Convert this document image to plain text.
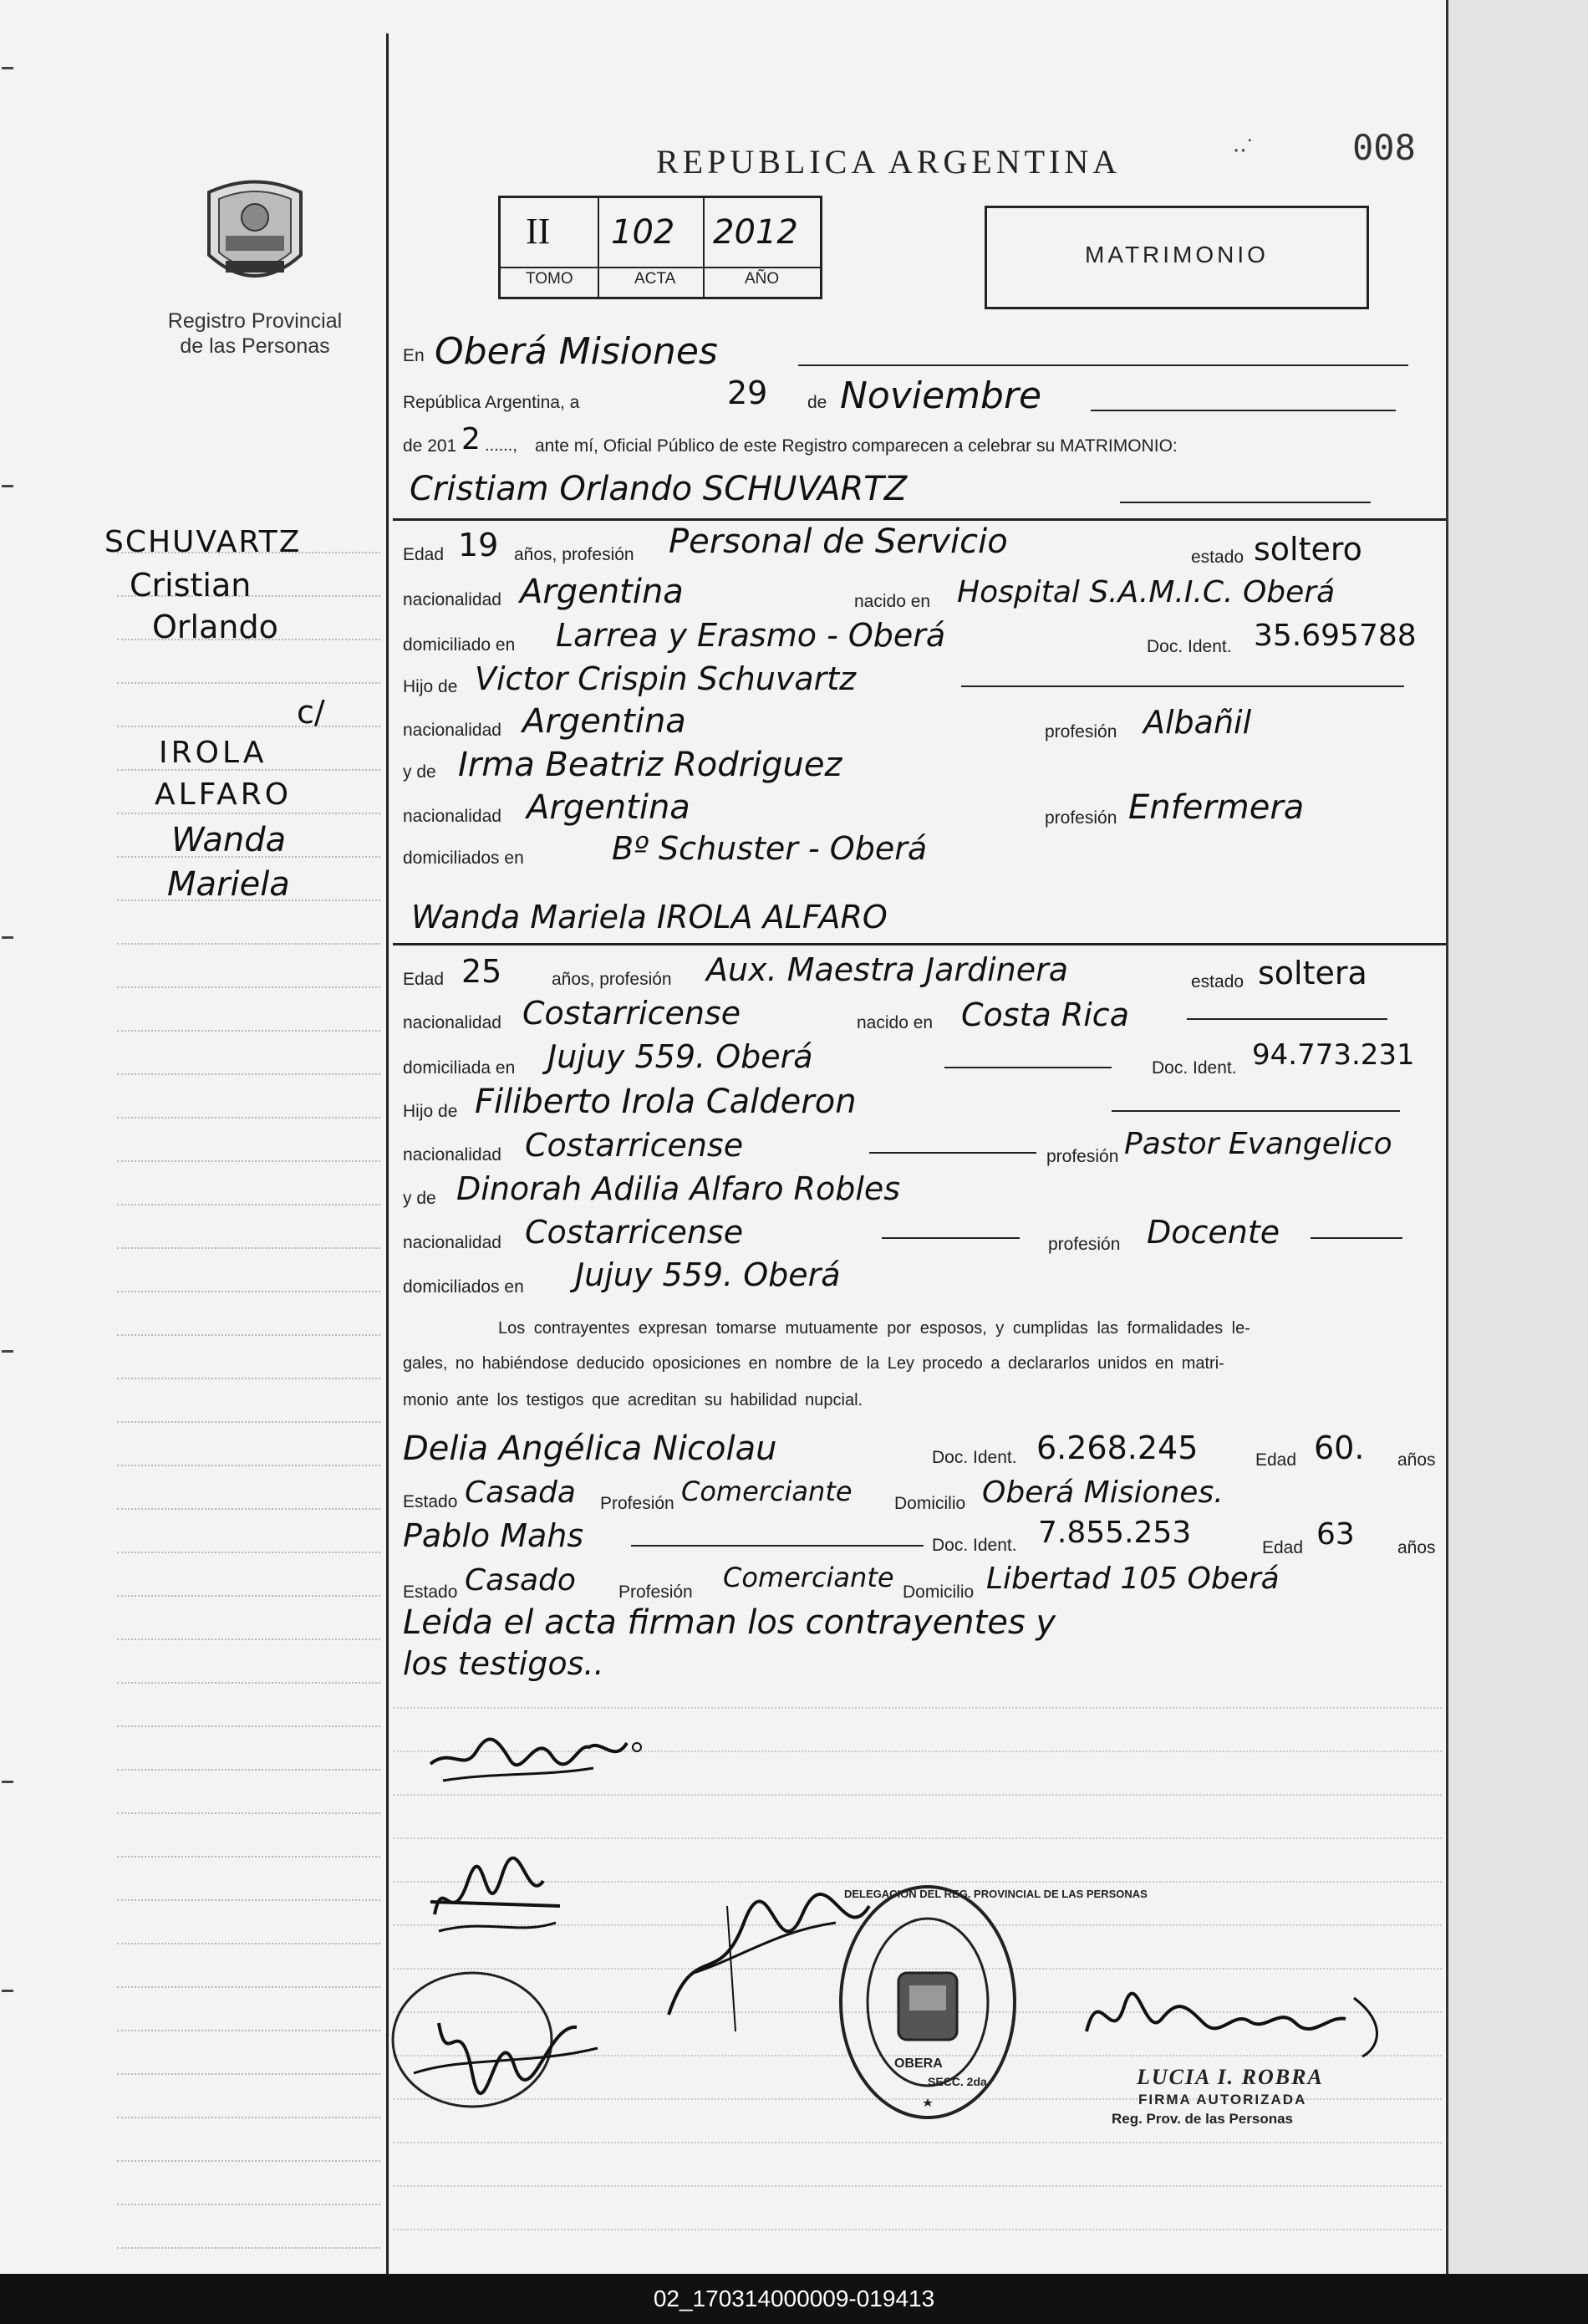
REPUBLICA ARGENTINA	∙∙˙	008
II 102 2012
TOMO	ACTA	AÑO
MATRIMONIO
Registro Provincial
de las Personas
SCHUVARTZ
Cristian
Orlando
c/
IROLA
ALFARO
Wanda
Mariela
En Oberá Misiones
República Argentina, a	29 de Noviembre
de 201 2 ......, ante mí, Oficial Público de este Registro comparecen a celebrar su MATRIMONIO:
Cristiam Orlando SCHUVARTZ
Edad 19 años, profesión Personal de Servicio	estado soltero
nacionalidad Argentina	nacido en Hospital S.A.M.I.C. Oberá
domiciliado en Larrea y Erasmo - Oberá	Doc. Ident. 35.695788
Hijo de Victor Crispin Schuvartz
nacionalidad Argentina	profesión Albañil
y de Irma Beatriz Rodriguez
nacionalidad Argentina	profesión Enfermera
domiciliados en	Bº Schuster - Oberá
Wanda Mariela IROLA ALFARO
Edad 25	años, profesión Aux. Maestra Jardinera	estado soltera
nacionalidad Costarricense	nacido en Costa Rica
domiciliada en Jujuy 559. Oberá	Doc. Ident. 94.773.231
Hijo de Filiberto Irola Calderon
nacionalidad Costarricense	profesión Pastor Evangelico
y de Dinorah Adilia Alfaro Robles
nacionalidad Costarricense	profesión Docente
domiciliados en Jujuy 559. Oberá
Los contrayentes expresan tomarse mutuamente por esposos, y cumplidas las formalidades le-
gales, no habiéndose deducido oposiciones en nombre de la Ley procedo a declararlos unidos en matri-
monio ante los testigos que acreditan su habilidad nupcial.
Delia Angélica Nicolau	Doc. Ident. 6.268.245	Edad 60. años
Estado Casada Profesión Comerciante Domicilio Oberá Misiones.
Pablo Mahs	Doc. Ident. 7.855.253	Edad 63 años
Estado Casado Profesión Comerciante Domicilio Libertad 105 Oberá
Leida el acta firman los contrayentes y
los testigos..
DELEGACION DEL REG. PROVINCIAL DE LAS PERSONAS
OBERA
SECC. 2da	LUCIA I. ROBRA
FIRMA AUTORIZADA
Reg. Prov. de las Personas
02_170314000009-019413
